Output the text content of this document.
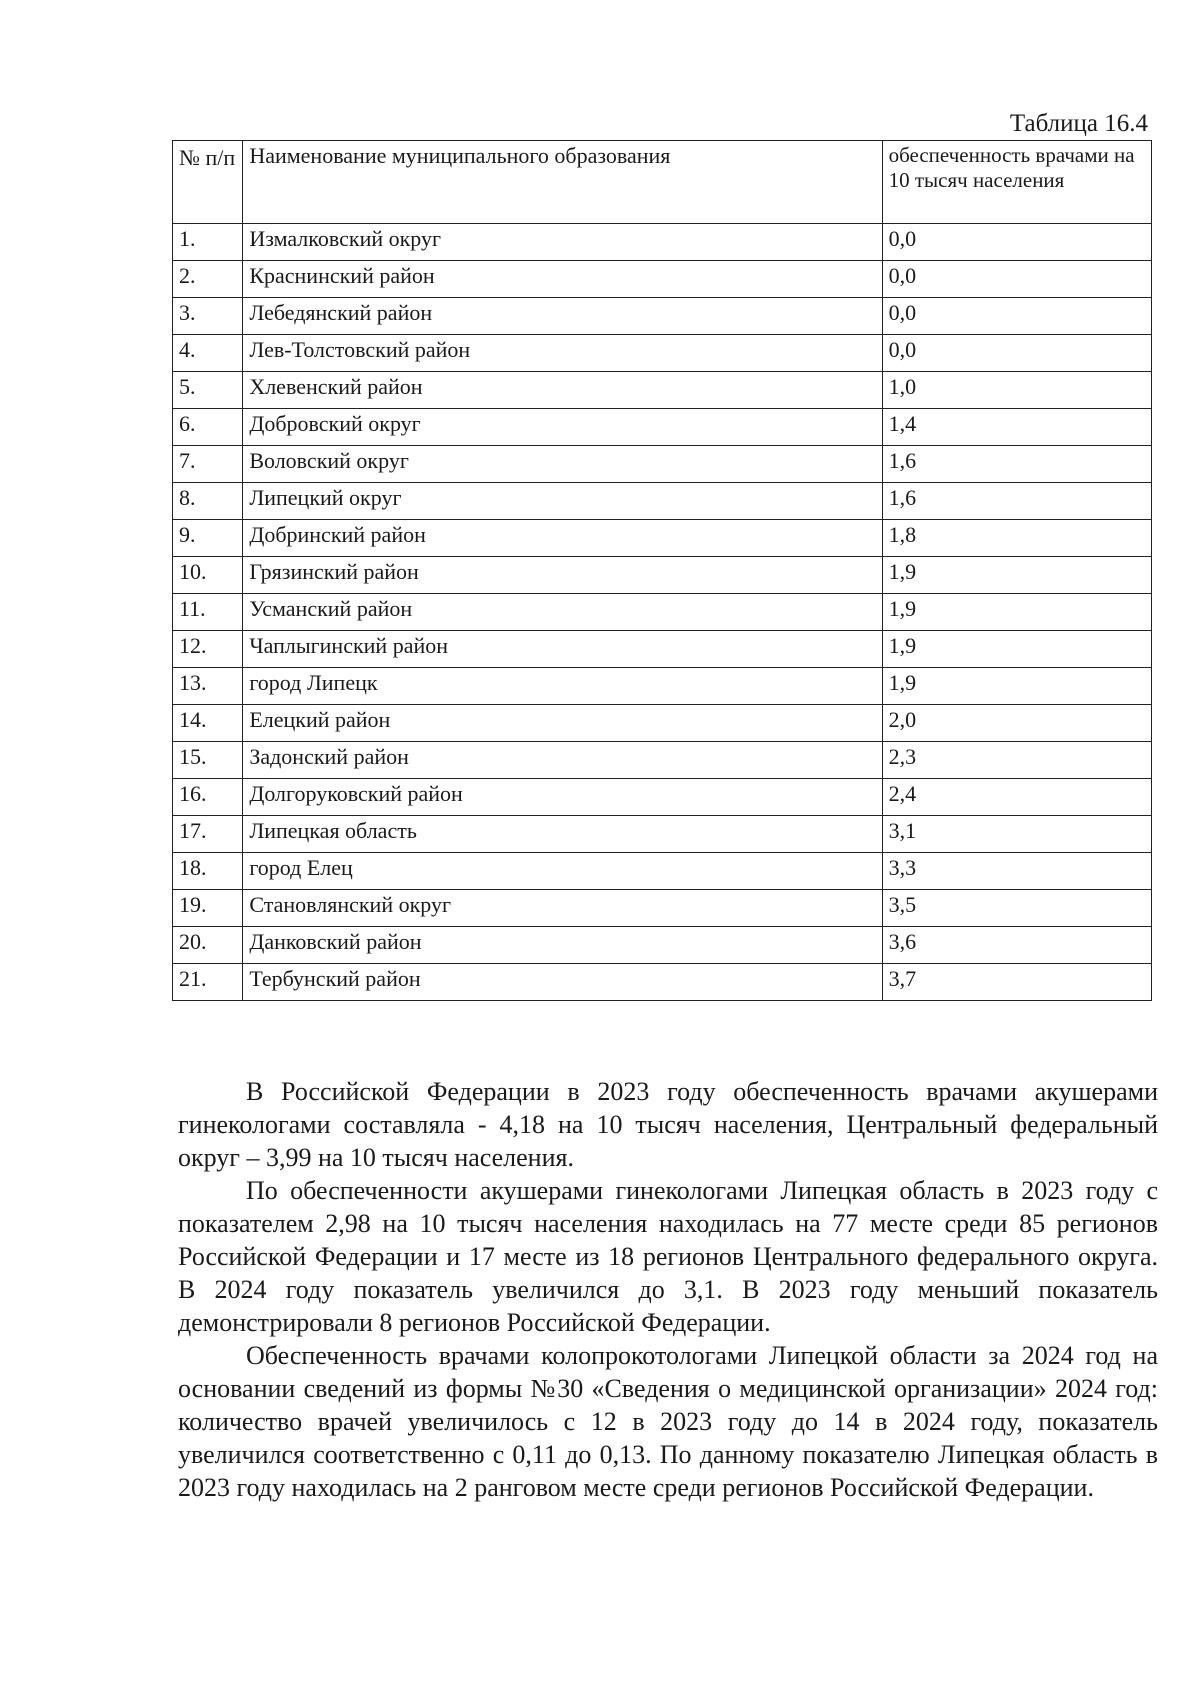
Таблица 16.4
№ п/п	Наименование муниципального образования	обеспеченность врачами на 10 тысяч населения
1.	Измалковский округ	0,0
2.	Краснинский район	0,0
3.	Лебедянский район	0,0
4.	Лев-Толстовский район	0,0
5.	Хлевенский район	1,0
6.	Добровский округ	1,4
7.	Воловский округ	1,6
8.	Липецкий округ	1,6
9.	Добринский район	1,8
10.	Грязинский район	1,9
11.	Усманский район	1,9
12.	Чаплыгинский район	1,9
13.	город Липецк	1,9
14.	Елецкий район	2,0
15.	Задонский район	2,3
16.	Долгоруковский район	2,4
17.	Липецкая область	3,1
18.	город Елец	3,3
19.	Становлянский округ	3,5
20.	Данковский район	3,6
21.	Тербунский район	3,7

В Российской Федерации в 2023 году обеспеченность врачами акушерами гинекологами составляла - 4,18 на 10 тысяч населения, Центральный федеральный округ – 3,99 на 10 тысяч населения.

По обеспеченности акушерами гинекологами Липецкая область в 2023 году с показателем 2,98 на 10 тысяч населения находилась на 77 месте среди 85 регионов Российской Федерации и 17 месте из 18 регионов Центрального федерального округа. В 2024 году показатель увеличился до 3,1. В 2023 году меньший показатель демонстрировали 8 регионов Российской Федерации.

Обеспеченность врачами колопрокотологами Липецкой области за 2024 год на основании сведений из формы №30 «Сведения о медицинской организации» 2024 год: количество врачей увеличилось с 12 в 2023 году до 14 в 2024 году, показатель увеличился соответственно с 0,11 до 0,13. По данному показателю Липецкая область в 2023 году находилась на 2 ранговом месте среди регионов Российской Федерации.
